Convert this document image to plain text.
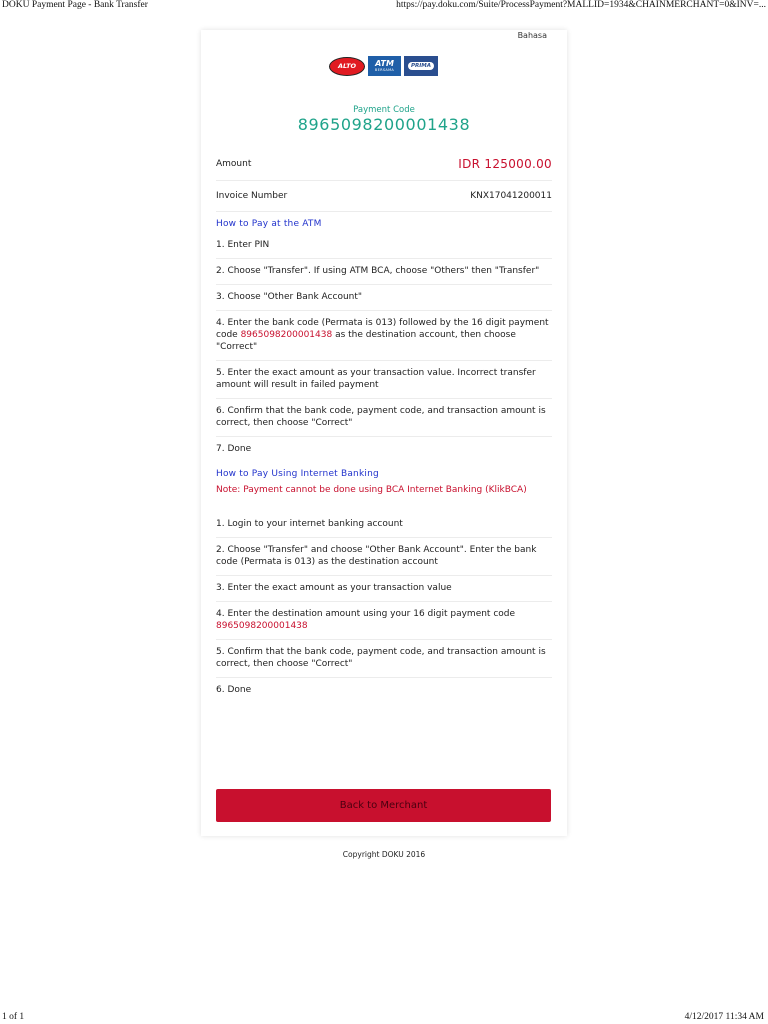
DOKU Payment Page - Bank Transfer	https://pay.doku.com/Suite/ProcessPayment?MALLID=1934&CHAINMERCHANT=0&INV=...
Bahasa
ALTO	ATM
BERSAMA
PRIMA
Payment Code
8965098200001438
Amount	IDR 125000.00
Invoice Number	KNX17041200011
How to Pay at the ATM
1. Enter PIN
2. Choose "Transfer". If using ATM BCA, choose "Others" then "Transfer"
3. Choose "Other Bank Account"
4. Enter the bank code (Permata is 013) followed by the 16 digit payment code 8965098200001438 as the destination account, then choose "Correct"
5. Enter the exact amount as your transaction value. Incorrect transfer amount will result in failed payment
6. Confirm that the bank code, payment code, and transaction amount is correct, then choose "Correct"
7. Done
How to Pay Using Internet Banking
Note: Payment cannot be done using BCA Internet Banking (KlikBCA)
1. Login to your internet banking account
2. Choose "Transfer" and choose "Other Bank Account". Enter the bank code (Permata is 013) as the destination account
3. Enter the exact amount as your transaction value
4. Enter the destination amount using your 16 digit payment code
8965098200001438
5. Confirm that the bank code, payment code, and transaction amount is correct, then choose "Correct"
6. Done
Back to Merchant
Copyright DOKU 2016
1 of 1	4/12/2017 11:34 AM
